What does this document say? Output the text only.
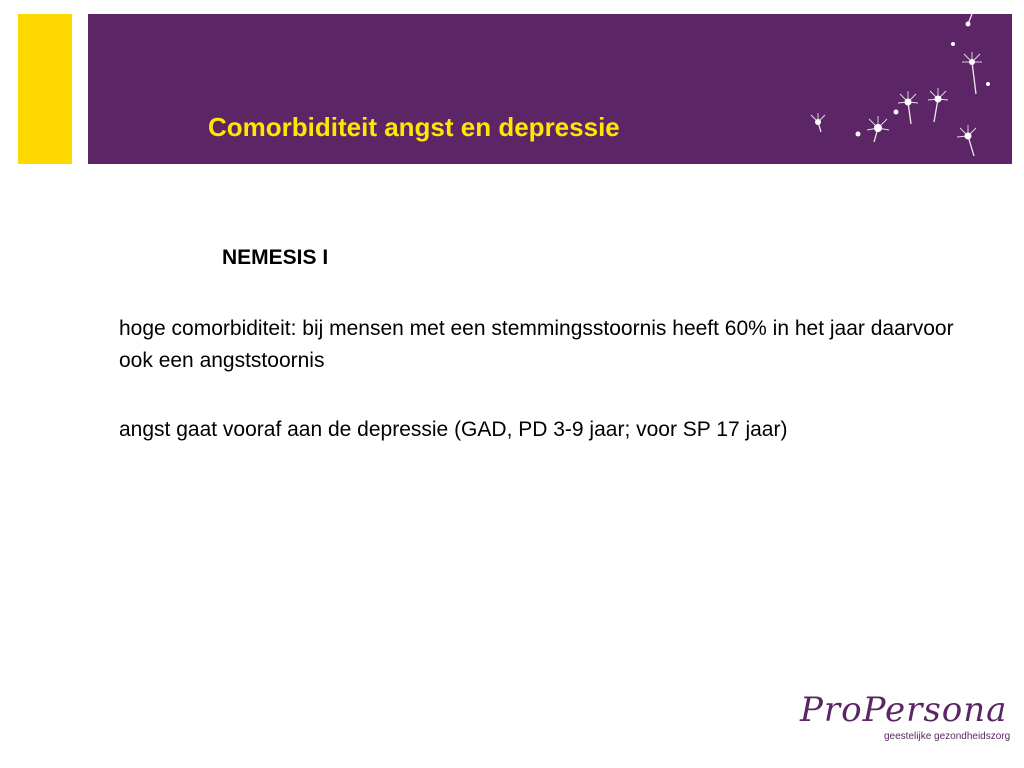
Comorbiditeit angst en depressie
NEMESIS I
hoge comorbiditeit: bij mensen met een stemmingsstoornis heeft 60% in het jaar daarvoor ook een angststoornis
angst gaat vooraf aan de depressie (GAD, PD 3-9 jaar; voor SP 17 jaar)
ProPersona
geestelijke gezondheidszorg
